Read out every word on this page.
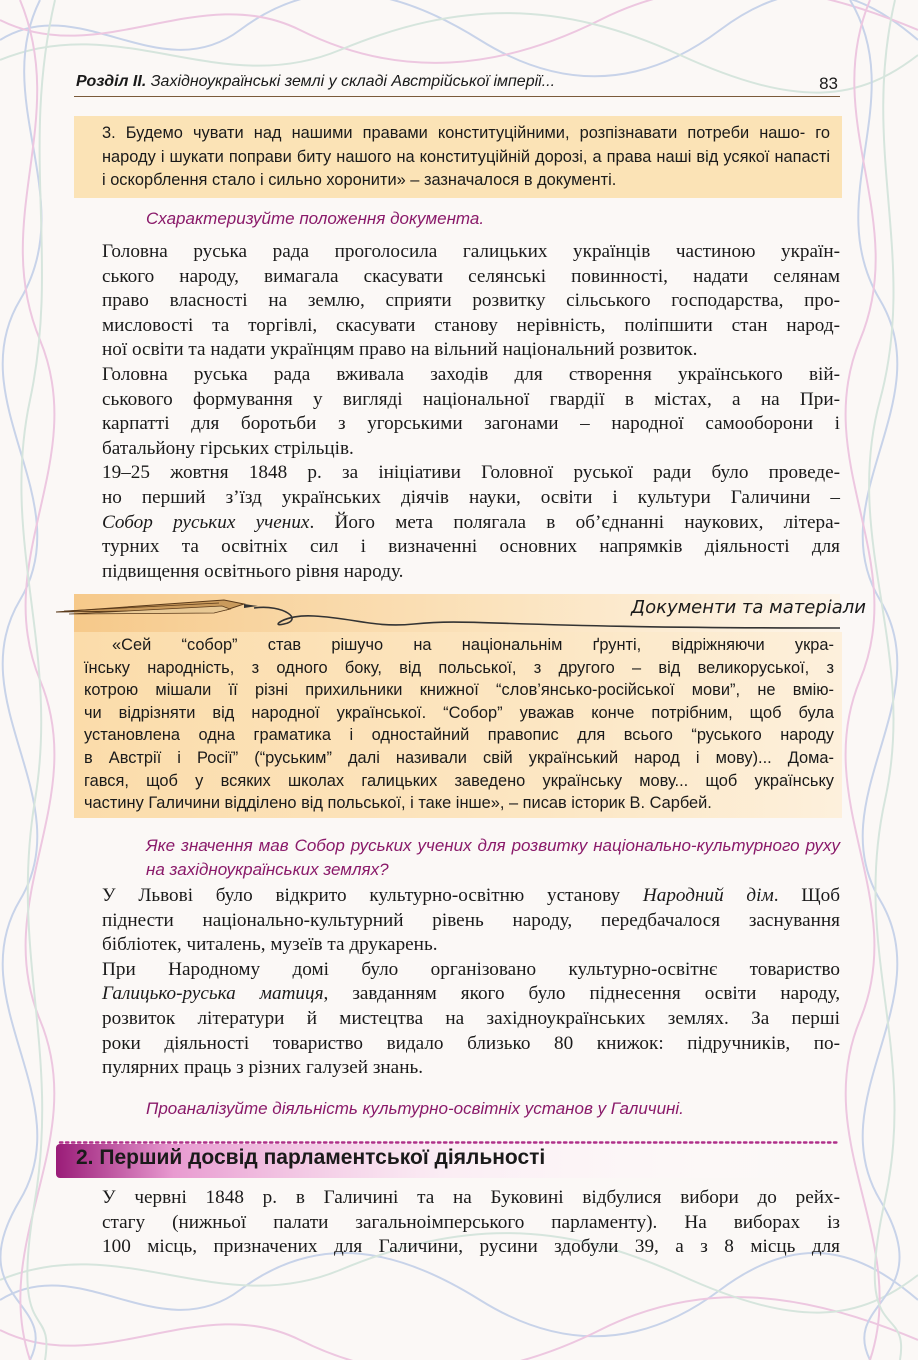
Розділ ІІ. Західноукраїнські землі у складі Австрійської імперії...	83

3. Будемо чувати над нашими правами конституційними, розпізнавати потреби нашо- го народу і шукати поправи биту нашого на конституційній дорозі, а права наші від усякої напасті і оскорблення стало і сильно хоронити» – зазначалося в документі.

Схарактеризуйте положення документа.

Головна руська рада проголосила галицьких українців частиною україн-
ського народу, вимагала скасувати селянські повинності, надати селянам
право власності на землю, сприяти розвитку сільського господарства, про-
мисловості та торгівлі, скасувати станову нерівність, поліпшити стан народ-
ної освіти та надати українцям право на вільний національний розвиток.

Головна руська рада вживала заходів для створення українського вій-
ськового формування у вигляді національної гвардії в містах, а на При-
карпатті для боротьби з угорськими загонами – народної самооборони і
батальйону гірських стрільців.

19–25 жовтня 1848 р. за ініціативи Головної руської ради було проведе-
но перший з’їзд українських діячів науки, освіти і культури Галичини –
Собор руських учених. Його мета полягала в об’єднанні наукових, літера-
турних та освітніх сил і визначенні основних напрямків діяльності для
підвищення освітнього рівня народу.

Документи та матеріали

«Сей “собор” став рішучо на національнім ґрунті, відріжняючи укра-
їнську народність, з одного боку, від польської, з другого – від великоруської, з
котрою мішали її різні прихильники книжної “слов’янсько-російської мови”, не вмію-
чи відрізняти від народної української. “Собор” уважав конче потрібним, щоб була
установлена одна граматика і одностайний правопис для всього “руського народу
в Австрії і Росії” (“руським” далі називали свій український народ і мову)... Дома-
гався, щоб у всяких школах галицьких заведено українську мову... щоб українську
частину Галичини відділено від польської, і таке інше», – писав історик В. Сарбей.

Яке значення мав Собор руських учених для розвитку національно-культурного руху на західноукраїнських землях?

У Львові було відкрито культурно-освітню установу Народний дім. Щоб
піднести національно-культурний рівень народу, передбачалося заснування
бібліотек, читалень, музеїв та друкарень.

При Народному домі було організовано культурно-освітнє товариство
Галицько-руська матиця, завданням якого було піднесення освіти народу,
розвиток літератури й мистецтва на західноукраїнських землях. За перші
роки діяльності товариство видало близько 80 книжок: підручників, по-
пулярних праць з різних галузей знань.

Проаналізуйте діяльність культурно-освітніх установ у Галичині.
2. Перший досвід парламентської діяльності

У червні 1848 р. в Галичині та на Буковині відбулися вибори до рейх-
стагу (нижньої палати загальноімперського парламенту). На виборах із
100 місць, призначених для Галичини, русини здобули 39, а з 8 місць для
